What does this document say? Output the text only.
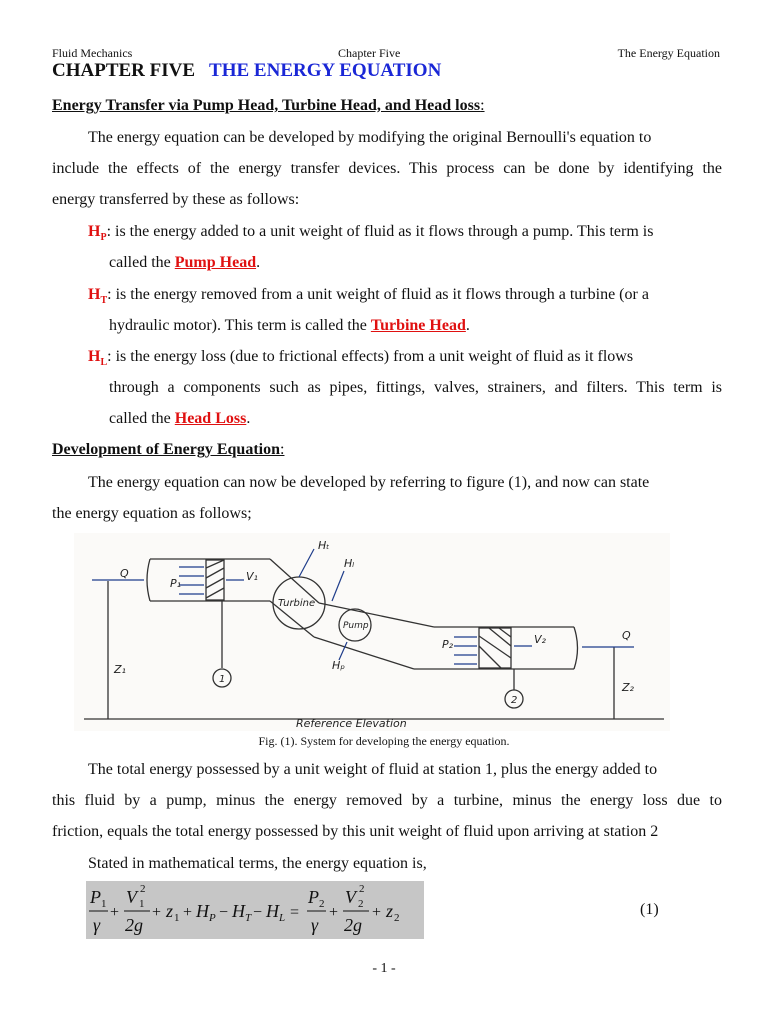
Fluid Mechanics	Chapter Five	The Energy Equation
CHAPTER FIVE THE ENERGY EQUATION
Energy Transfer via Pump Head, Turbine Head, and Head loss:
The energy equation can be developed by modifying the original Bernoulli's equation to
include the effects of the energy transfer devices. This process can be done by identifying the
energy transferred by these as follows:
$H_P$: is the energy added to a unit weight of fluid as it flows through a pump. This term is
called the Pump Head.
$H_T$: is the energy removed from a unit weight of fluid as it flows through a turbine (or a
hydraulic motor). This term is called the Turbine Head.
$H_L$: is the energy loss (due to frictional effects) from a unit weight of fluid as it flows
through a components such as pipes, fittings, valves, strainers, and filters. This term is
called the Head Loss.
Development of Energy Equation:
The energy equation can now be developed by referring to figure (1), and now can state
the energy equation as follows;
Q
Q
P₁
V₁
Hₜ
Hₗ
Turbine
Pump
Hₚ
P₂	V₂
Z₁
Z₂
1
2
Reference Elevation
Fig. (1). System for developing the energy equation.
The total energy possessed by a unit weight of fluid at station 1, plus the energy added to
this fluid by a pump, minus the energy removed by a turbine, minus the energy loss due to
friction, equals the total energy possessed by this unit weight of fluid upon arriving at station 2
Stated in mathematical terms, the energy equation is,
P 1
γ
+
V 1
2
2g
+ z 1 + H P − H T − H L =
P 2
γ
+
V 2
2
2g
+ z 2	(1)
- 1 -
